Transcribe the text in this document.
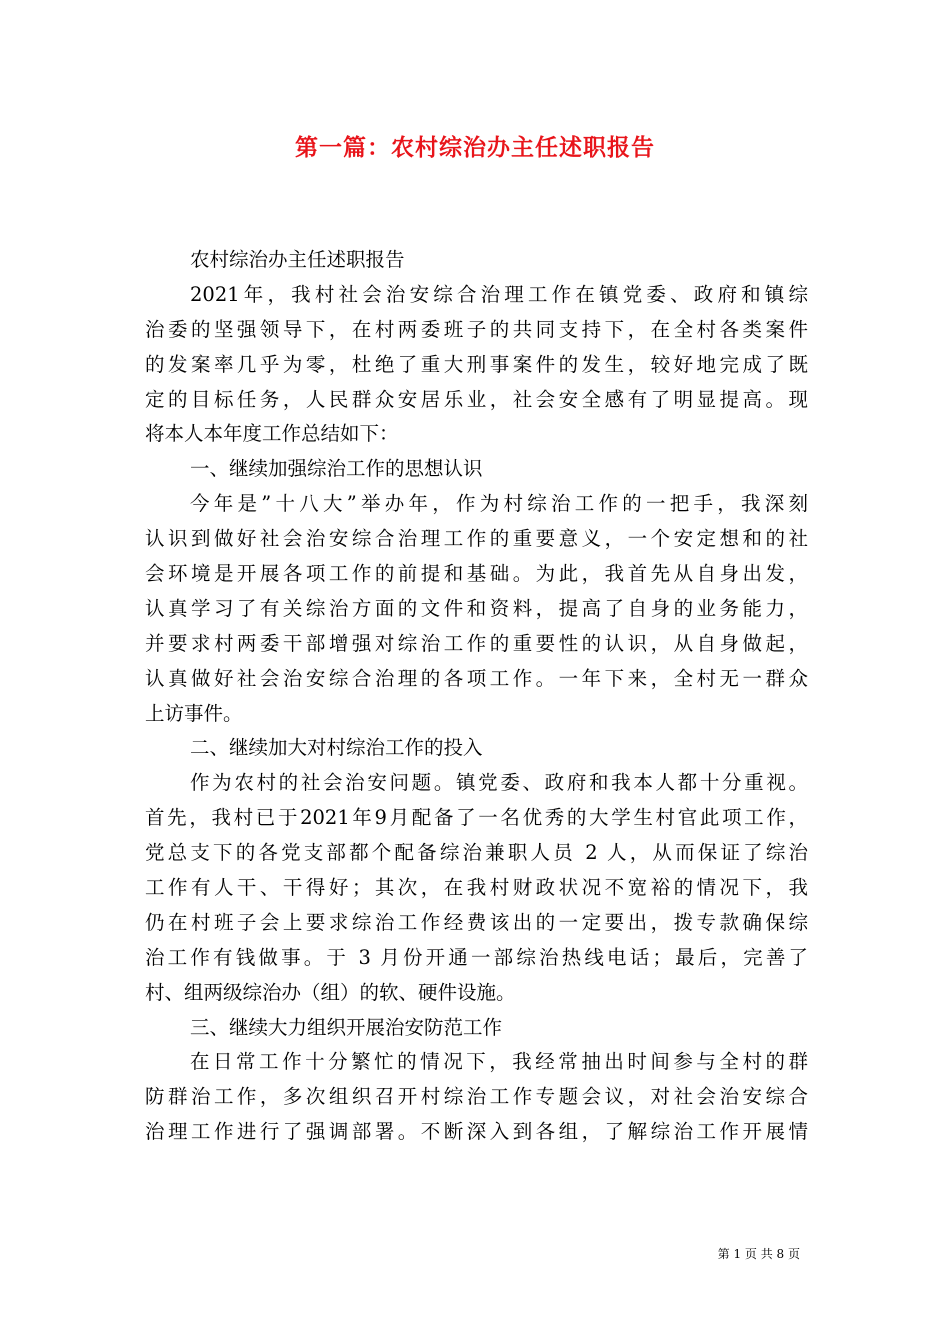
第一篇：农村综治办主任述职报告
农村综治办主任述职报告
2021年，我村社会治安综合治理工作在镇党委、政府和镇综
治委的坚强领导下，在村两委班子的共同支持下，在全村各类案件
的发案率几乎为零，杜绝了重大刑事案件的发生，较好地完成了既
定的目标任务，人民群众安居乐业，社会安全感有了明显提高。现
将本人本年度工作总结如下：
一、继续加强综治工作的思想认识
今年是”十八大”举办年，作为村综治工作的一把手，我深刻
认识到做好社会治安综合治理工作的重要意义，一个安定想和的社
会环境是开展各项工作的前提和基础。为此，我首先从自身出发，
认真学习了有关综治方面的文件和资料，提高了自身的业务能力，
并要求村两委干部增强对综治工作的重要性的认识，从自身做起，
认真做好社会治安综合治理的各项工作。一年下来，全村无一群众
上访事件。
二、继续加大对村综治工作的投入
作为农村的社会治安问题。镇党委、政府和我本人都十分重视。
首先，我村已于2021年9月配备了一名优秀的大学生村官此项工作，
党总支下的各党支部都个配备综治兼职人员 2 人，从而保证了综治
工作有人干、干得好；其次，在我村财政状况不宽裕的情况下，我
仍在村班子会上要求综治工作经费该出的一定要出，拨专款确保综
治工作有钱做事。于 3 月份开通一部综治热线电话；最后，完善了
村、组两级综治办（组）的软、硬件设施。
三、继续大力组织开展治安防范工作
在日常工作十分繁忙的情况下，我经常抽出时间参与全村的群
防群治工作，多次组织召开村综治工作专题会议，对社会治安综合
治理工作进行了强调部署。不断深入到各组，了解综治工作开展情
第 1 页 共 8 页
